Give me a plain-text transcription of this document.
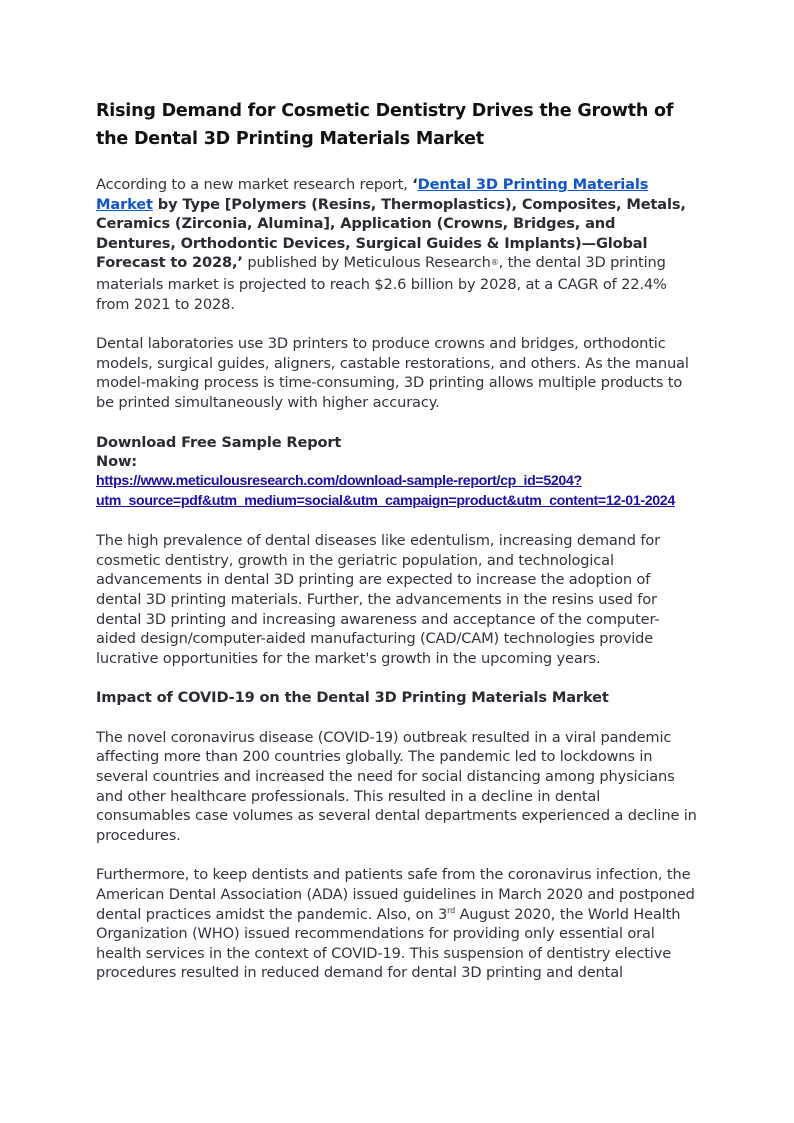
Rising Demand for Cosmetic Dentistry Drives the Growth of the Dental 3D Printing Materials Market

According to a new market research report, ‘Dental 3D Printing Materials Market by Type [Polymers (Resins, Thermoplastics), Composites, Metals, Ceramics (Zirconia, Alumina], Application (Crowns, Bridges, and Dentures, Orthodontic Devices, Surgical Guides & Implants)—Global Forecast to 2028,’ published by Meticulous Research®, the dental 3D printing materials market is projected to reach $2.6 billion by 2028, at a CAGR of 22.4% from 2021 to 2028.

Dental laboratories use 3D printers to produce crowns and bridges, orthodontic models, surgical guides, aligners, castable restorations, and others. As the manual model-making process is time-consuming, 3D printing allows multiple products to be printed simultaneously with higher accuracy.

Download Free Sample Report

Now:
https://www.meticulousresearch.com/download-sample-report/cp_id=5204?utm_source=pdf&utm_medium=social&utm_campaign=product&utm_content=12-01-2024

The high prevalence of dental diseases like edentulism, increasing demand for cosmetic dentistry, growth in the geriatric population, and technological advancements in dental 3D printing are expected to increase the adoption of dental 3D printing materials. Further, the advancements in the resins used for dental 3D printing and increasing awareness and acceptance of the computer-aided design/computer-aided manufacturing (CAD/CAM) technologies provide lucrative opportunities for the market's growth in the upcoming years.

Impact of COVID-19 on the Dental 3D Printing Materials Market

The novel coronavirus disease (COVID-19) outbreak resulted in a viral pandemic affecting more than 200 countries globally. The pandemic led to lockdowns in several countries and increased the need for social distancing among physicians and other healthcare professionals. This resulted in a decline in dental consumables case volumes as several dental departments experienced a decline in procedures.

Furthermore, to keep dentists and patients safe from the coronavirus infection, the American Dental Association (ADA) issued guidelines in March 2020 and postponed dental practices amidst the pandemic. Also, on 3rd August 2020, the World Health Organization (WHO) issued recommendations for providing only essential oral health services in the context of COVID-19. This suspension of dentistry elective procedures resulted in reduced demand for dental 3D printing and dental
